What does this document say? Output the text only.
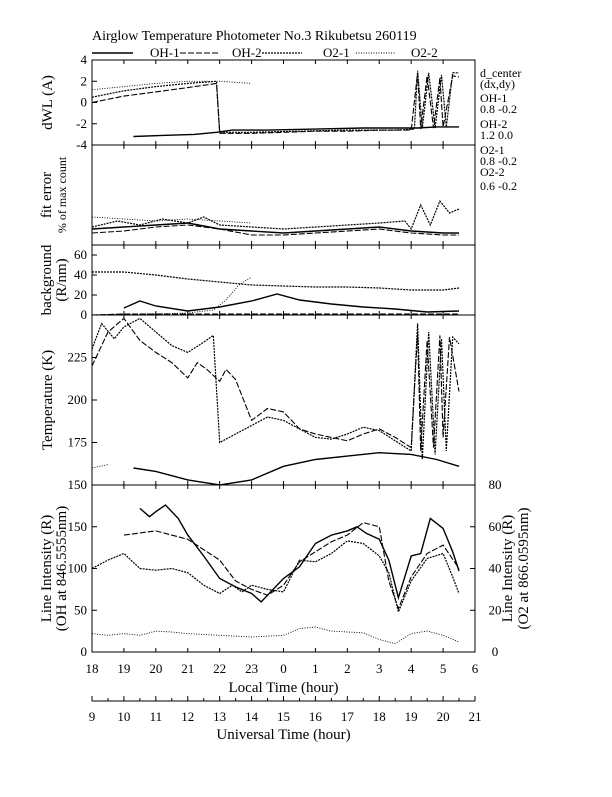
Airglow Temperature Photometer No.3 Rikubetsu 260119
OH-1	OH-2	O2-1	O2-2
-4
-2
0
2
4
dWL (A)
fit error % of max count
0
20
40
60
background (R/nm)
150
175
200
225
Temperature (K)
0
50
100
150
0
20
40
60
80
Line Intensity (R) (O2 at 866.0595nm)
Line Intensity (R) (OH at 846.5555nm)
d_center
(dx,dy)
OH-1
0.8 -0.2
OH-2
1.2 0.0
O2-1
0.8 -0.2
O2-2
0.6 -0.2
18 19 20 21 22 23 0 1 2 3 4 5 6
Local Time (hour)
9 10 11 12 13 14 15 16 17 18 19 20 21
Universal Time (hour)
